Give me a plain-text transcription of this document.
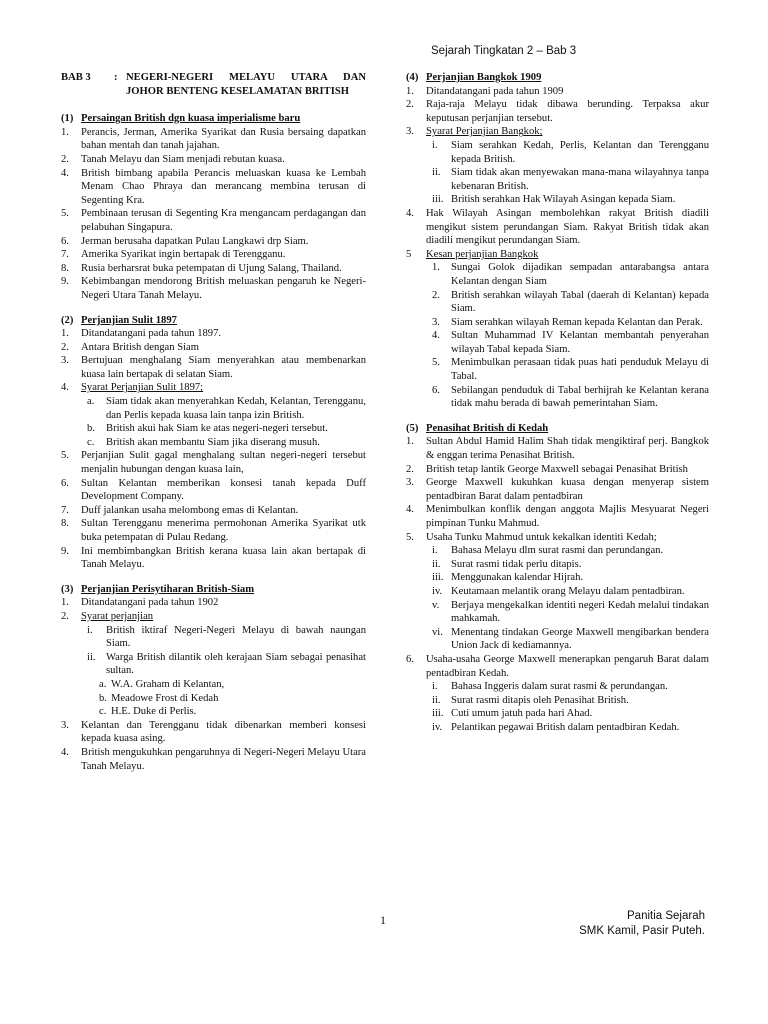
Sejarah Tingkatan 2 – Bab 3
BAB 3	: NEGERI-NEGERI MELAYU UTARA DAN JOHOR BENTENG KESELAMATAN BRITISH
(1) Persaingan British dgn kuasa imperialisme baru
1.	Perancis, Jerman, Amerika Syarikat dan Rusia bersaing dapatkan bahan mentah dan tanah jajahan.
2.	Tanah Melayu dan Siam menjadi rebutan kuasa.
4.	British bimbang apabila Perancis meluaskan kuasa ke Lembah Menam Chao Phraya dan merancang membina terusan di Segenting Kra.
5.	Pembinaan terusan di Segenting Kra mengancam perdagangan dan pelabuhan Singapura.
6.	Jerman berusaha dapatkan Pulau Langkawi drp Siam.
7.	Amerika Syarikat ingin bertapak di Terengganu.
8.	Rusia berharsrat buka petempatan di Ujung Salang, Thailand.
9.	Kebimbangan mendorong British meluaskan pengaruh ke Negeri-Negeri Utara Tanah Melayu.
(2) Perjanjian Sulit 1897
1.	Ditandatangani pada tahun 1897.
2.	Antara British dengan Siam
3.	Bertujuan menghalang Siam menyerahkan atau membenarkan kuasa lain bertapak di selatan Siam.
4.	Syarat Perjanjian Sulit 1897;
a.	Siam tidak akan menyerahkan Kedah, Kelantan, Terengganu, dan Perlis kepada kuasa lain tanpa izin British.
b.	British akui hak Siam ke atas negeri-negeri tersebut.
c.	British akan membantu Siam jika diserang musuh.
5.	Perjanjian Sulit gagal menghalang sultan negeri-negeri tersebut menjalin hubungan dengan kuasa lain,
6.	Sultan Kelantan memberikan konsesi tanah kepada Duff Development Company.
7.	Duff jalankan usaha melombong emas di Kelantan.
8.	Sultan Terengganu menerima permohonan Amerika Syarikat utk buka petempatan di Pulau Redang.
9.	Ini membimbangkan British kerana kuasa lain akan bertapak di Tanah Melayu.
(3) Perjanjian Perisytiharan British-Siam
1.	Ditandatangani pada tahun 1902
2.	Syarat perjanjian
i.	British iktiraf Negeri-Negeri Melayu di bawah naungan Siam.
ii. Warga British dilantik oleh kerajaan Siam sebagai penasihat sultan.
a. W.A. Graham di Kelantan,
b. Meadowe Frost di Kedah
c. H.E. Duke di Perlis.
3.	Kelantan dan Terengganu tidak dibenarkan memberi konsesi kepada kuasa asing.
4.	British mengukuhkan pengaruhnya di Negeri-Negeri Melayu Utara Tanah Melayu.
(4) Perjanjian Bangkok 1909
1.	Ditandatangani pada tahun 1909
2.	Raja-raja Melayu tidak dibawa berunding. Terpaksa akur keputusan perjanjian tersebut.
3.	Syarat Perjanjian Bangkok;
i.	Siam serahkan Kedah, Perlis, Kelantan dan Terengganu kepada British.
ii. Siam tidak akan menyewakan mana-mana wilayahnya tanpa kebenaran British.
iii. British serahkan Hak Wilayah Asingan kepada Siam.
4.	Hak Wilayah Asingan membolehkan rakyat British diadili mengikut sistem perundangan Siam. Rakyat British tidak akan diadili mengikut perundangan Siam.
5	Kesan perjanjian Bangkok
1.	Sungai Golok dijadikan sempadan antarabangsa antara Kelantan dengan Siam
2.	British serahkan wilayah Tabal (daerah di Kelantan) kepada Siam.
3.	Siam serahkan wilayah Reman kepada Kelantan dan Perak.
4.	Sultan Muhammad IV Kelantan membantah penyerahan wilayah Tabal kepada Siam.
5.	Menimbulkan perasaan tidak puas hati penduduk Melayu di Tabal.
6.	Sebilangan penduduk di Tabal berhijrah ke Kelantan kerana tidak mahu berada di bawah pemerintahan Siam.
(5) Penasihat British di Kedah
1.	Sultan Abdul Hamid Halim Shah tidak mengiktiraf perj. Bangkok & enggan terima Penasihat British.
2.	British tetap lantik George Maxwell sebagai Penasihat British
3.	George Maxwell kukuhkan kuasa dengan menyerap sistem pentadbiran Barat dalam pentadbiran
4.	Menimbulkan konflik dengan anggota Majlis Mesyuarat Negeri pimpinan Tunku Mahmud.
5.	Usaha Tunku Mahmud untuk kekalkan identiti Kedah;
i.	Bahasa Melayu dlm surat rasmi dan perundangan.
ii. Surat rasmi tidak perlu ditapis.
iii. Menggunakan kalendar Hijrah.
iv. Keutamaan melantik orang Melayu dalam pentadbiran.
v.	Berjaya mengekalkan identiti negeri Kedah melalui tindakan mahkamah.
vi. Menentang tindakan George Maxwell mengibarkan bendera Union Jack di kediamannya.
6.	Usaha-usaha George Maxwell menerapkan pengaruh Barat dalam pentadbiran Kedah.
i.	Bahasa Inggeris dalam surat rasmi & perundangan.
ii. Surat rasmi ditapis oleh Penasihat British.
iii. Cuti umum jatuh pada hari Ahad.
iv. Pelantikan pegawai British dalam pentadbiran Kedah.
1	Panitia Sejarah
SMK Kamil, Pasir Puteh.
